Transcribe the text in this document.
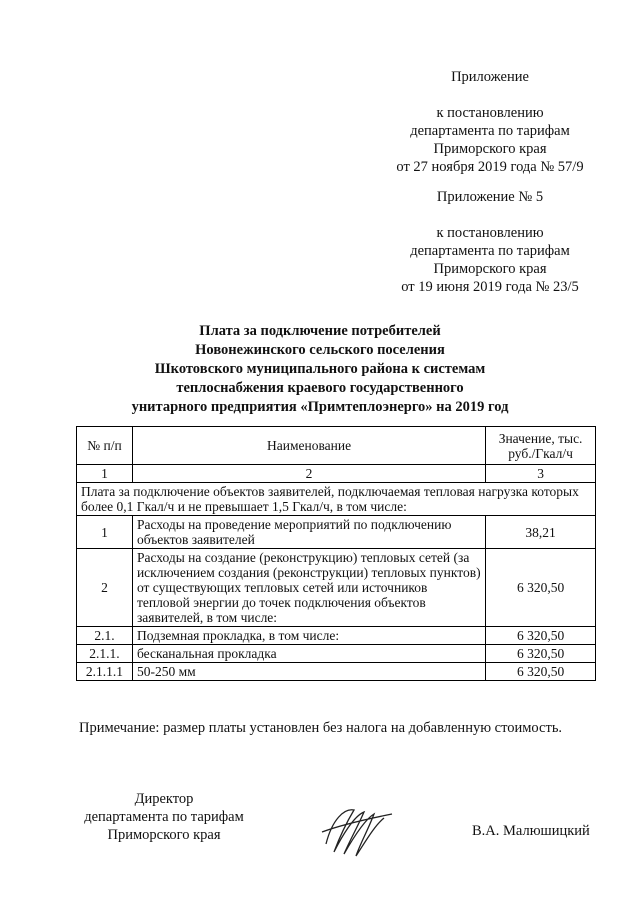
Приложение
к постановлению
департамента по тарифам
Приморского края
от 27 ноября 2019 года № 57/9
Приложение № 5
к постановлению
департамента по тарифам
Приморского края
от 19 июня 2019 года № 23/5
Плата за подключение потребителей
Новонежинского сельского поселения
Шкотовского муниципального района к системам
теплоснабжения краевого государственного
унитарного предприятия «Примтеплоэнерго» на 2019 год
№ п/п	Наименование	Значение, тыс. руб./Гкал/ч
1	2	3
Плата за подключение объектов заявителей, подключаемая тепловая нагрузка которых более 0,1 Гкал/ч и не превышает 1,5 Гкал/ч, в том числе:		
1	Расходы на проведение мероприятий по подключению объектов заявителей	38,21
2	Расходы на создание (реконструкцию) тепловых сетей (за исключением создания (реконструкции) тепловых пунктов) от существующих тепловых сетей или источников тепловой энергии до точек подключения объектов заявителей, в том числе:	6 320,50
2.1.	Подземная прокладка, в том числе:	6 320,50
2.1.1.	бесканальная прокладка	6 320,50
2.1.1.1	50-250 мм	6 320,50
Примечание: размер платы установлен без налога на добавленную стоимость.
Директор
департамента по тарифам
Приморского края	В.А. Малюшицкий
